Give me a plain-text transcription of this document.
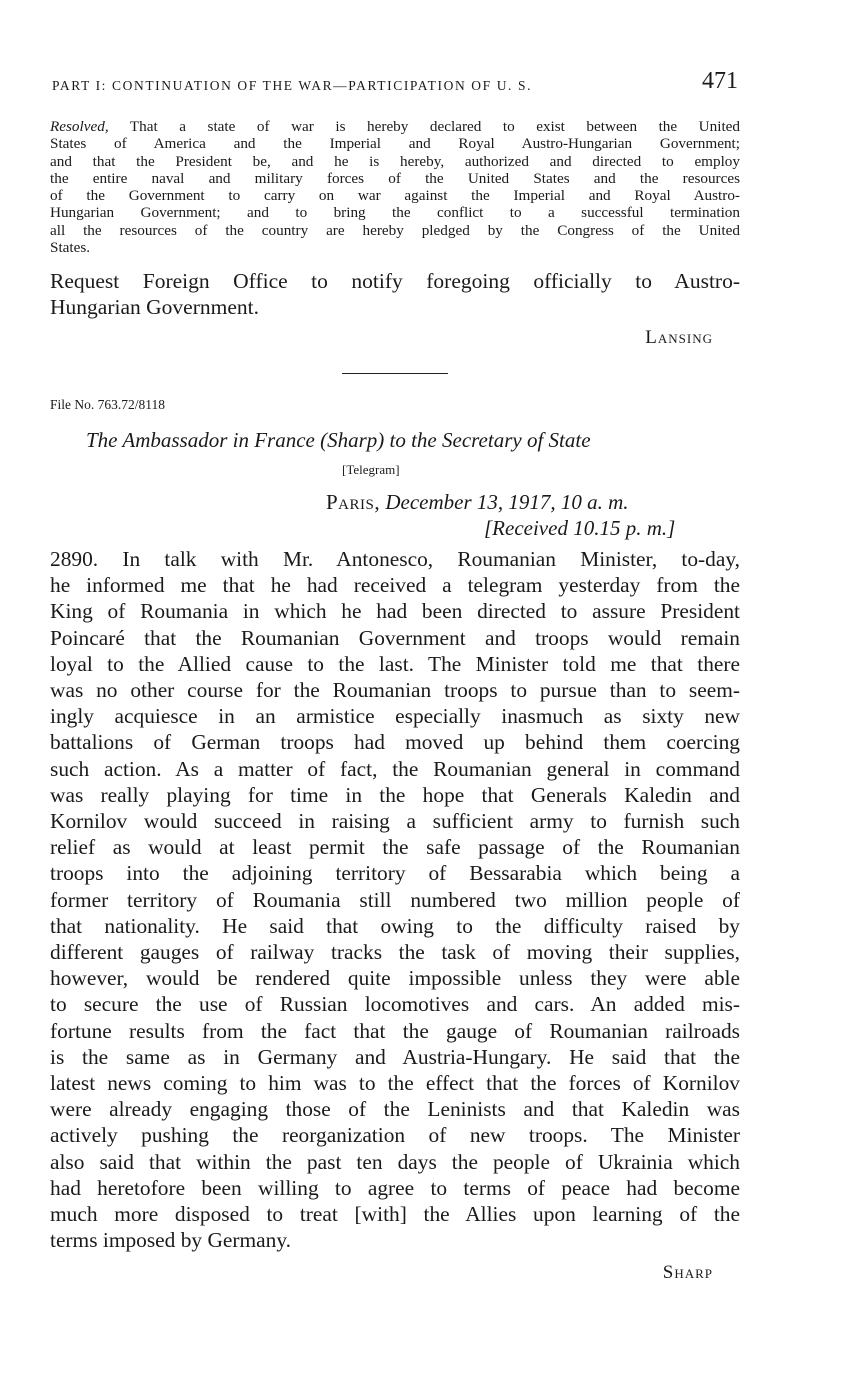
PART I: CONTINUATION OF THE WAR—PARTICIPATION OF U. S.	471
Resolved, That a state of war is hereby declared to exist between the United
States of America and the Imperial and Royal Austro-Hungarian Government;
and that the President be, and he is hereby, authorized and directed to employ
the entire naval and military forces of the United States and the resources
of the Government to carry on war against the Imperial and Royal Austro-
Hungarian Government; and to bring the conflict to a successful termination
all the resources of the country are hereby pledged by the Congress of the United
States.
Request Foreign Office to notify foregoing officially to Austro-
Hungarian Government.
Lansing
File No. 763.72/8118
The Ambassador in France (Sharp) to the Secretary of State
[Telegram]
Paris, December 13, 1917, 10 a. m.
[Received 10.15 p. m.]
2890. In talk with Mr. Antonesco, Roumanian Minister, to-day,
he informed me that he had received a telegram yesterday from the
King of Roumania in which he had been directed to assure President
Poincaré that the Roumanian Government and troops would remain
loyal to the Allied cause to the last. The Minister told me that there
was no other course for the Roumanian troops to pursue than to seem-
ingly acquiesce in an armistice especially inasmuch as sixty new
battalions of German troops had moved up behind them coercing
such action. As a matter of fact, the Roumanian general in command
was really playing for time in the hope that Generals Kaledin and
Kornilov would succeed in raising a sufficient army to furnish such
relief as would at least permit the safe passage of the Roumanian
troops into the adjoining territory of Bessarabia which being a
former territory of Roumania still numbered two million people of
that nationality. He said that owing to the difficulty raised by
different gauges of railway tracks the task of moving their supplies,
however, would be rendered quite impossible unless they were able
to secure the use of Russian locomotives and cars. An added mis-
fortune results from the fact that the gauge of Roumanian railroads
is the same as in Germany and Austria-Hungary. He said that the
latest news coming to him was to the effect that the forces of Kornilov
were already engaging those of the Leninists and that Kaledin was
actively pushing the reorganization of new troops. The Minister
also said that within the past ten days the people of Ukrainia which
had heretofore been willing to agree to terms of peace had become
much more disposed to treat [with] the Allies upon learning of the
terms imposed by Germany.
Sharp
